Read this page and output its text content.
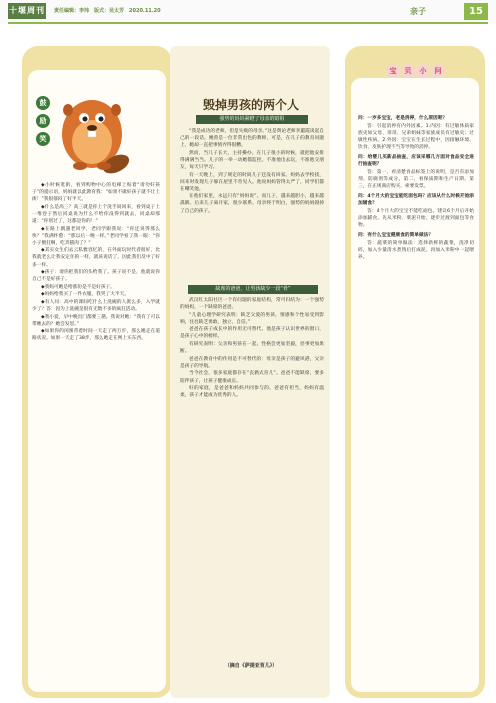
十堰周刊 责任编辑：李玮　版式：吴太芳　2020.11.20	亲子	15
鼓
励
笑

◆小时候逛街，看到购物中心的电梯上贴着“请勿好孩子”的提示语，妈妈就以此教育我：“如果不做好孩子就不让上街！”我很郁闷了好半天。

◆什么是高三？高三就是你上个洗手间回来，看到桌子上一堆卷子然后同桌说为什么不给你没得到就去，同桌却那道：“你别过了，这都是你的！”

◆在路上偶遇老同学，老同学跟我说：“你还说得那么快？”我满怀愈：“那以后一晚一样。”老同学看了我一眼：“你小子倒狂啊，吃奔猫肉了？”

◆其实女生们去云私雅容忆的，在外面玩时代者很好，比我就老么让我安定住的一样，就该说话了，因此我们反中了好多一样。

◆孩子：请你把我们的头给我了。孩子说不是，他就说你自己不是好孩子。

◆我妈可她是给那份是不是好孩子。

◆妈妈给我买了一件衣服，我哭了大半天。

◆有人问：高中的课间吃什么上洗碗的人派么多，入学就少了？答：因为上洗碗是很有无数不多的疯狂活动。

◆我小爱，早中晚出门都要三趟。我说对她：“我有了可以带她去的？她会发怒。”

◆如果你的闺蜜背着时间一天走了两万步，那么她走在道路状况。如果一天走了38步，那么她走在网上买东西。

毁掉男孩的两个人
强势的妈妈紧瞪了母亲的暗阻

“我是成功的老师，但是失败的母亲。”这是舆论老师李蕙霞谈起自己的一段话。她曾是一位非常出色的教师，可是，在儿子的教育问题上，她却一直把事情弄得很糟。

然而，当儿子长大，主持操办。在儿子很小的时候，就把他安排得满满当当。儿子的一举一动她都监控。不准他出去玩，不准他交朋友，每天只学习。

有一天晚上，到了规定的时间儿子还没有回家。妈妈去学校找，回来时发现儿子躲在屋里不肯见人。他说妈妈管得太严了，同学们都在嘲笑他。

在他们家里，永远只有“妈妈说”。而儿子，越来越胆小，越来越孤僻。后来儿子离开家，很少联系。母亲终于明白，强势的妈妈毁掉了自己的孩子。

缺席的爸爸，让男孩缺少一段“骨”

武汉红太阳社区一个有问题的家庭结构，常可归结为：一个强势的妈妈，一个缺席的爸爸。

“儿童心理学研究表明：缺乏父爱的男孩，情感和个性易受到影响，往往缺乏勇敢、独立、自信。”

爸爸在孩子成长中的作用无可替代。他是孩子认识世界的窗口，是孩子心中的榜样。

有研究表明：父亲和男孩在一起，性格会更加坚毅，处事更加果断。

爸爸在教育中的作用是不可替代的：母亲是孩子的避风港，父亲是孩子的导航。

当今社会，很多家庭都存在“丧偶式育儿”。爸爸不能缺席，要多陪伴孩子，让孩子健康成长。

好的家庭，是爸爸和妈妈共同参与的。爸爸有担当，妈妈有温柔，孩子才能成为优秀的人。

（摘自《萨提亚育儿》）
宝 贝 小 问

问：一岁多宝宝，老是消停，什么原因呢？

答：引起消停有内外因素。1.内因：有过敏体质家族史如父母、哥哥、兄弟姐妹等家族成员有过敏史；过敏性疾病。2.外因：宝宝在生长过程中，因接触环境、饮食、皮肤护理不当等导致的消停。

问：给婴儿买新品抽查，应该采哪几方面对食品安全进行抽查呢？

答：第一，看清楚食品标签上的说明，是否有添加剂、防腐剂等成分。第二，看保质期和生产日期。第三，在正规商店购买，索要发票。

问：4个月大的宝宝能吃面包吗？应该从什么时候开始添加辅食？

答：4个月大的宝宝不能吃面包。建议6个月后开始添加辅食，先从米粉、菜泥开始，逐步过渡到面包等食物。

问：有什么宝宝健康食的简单做法？

答：蔬菜的简单做法：选择新鲜的蔬菜，洗净切碎，加入少量清水煮熟后打成泥，再加入米粉中一起喂养。
